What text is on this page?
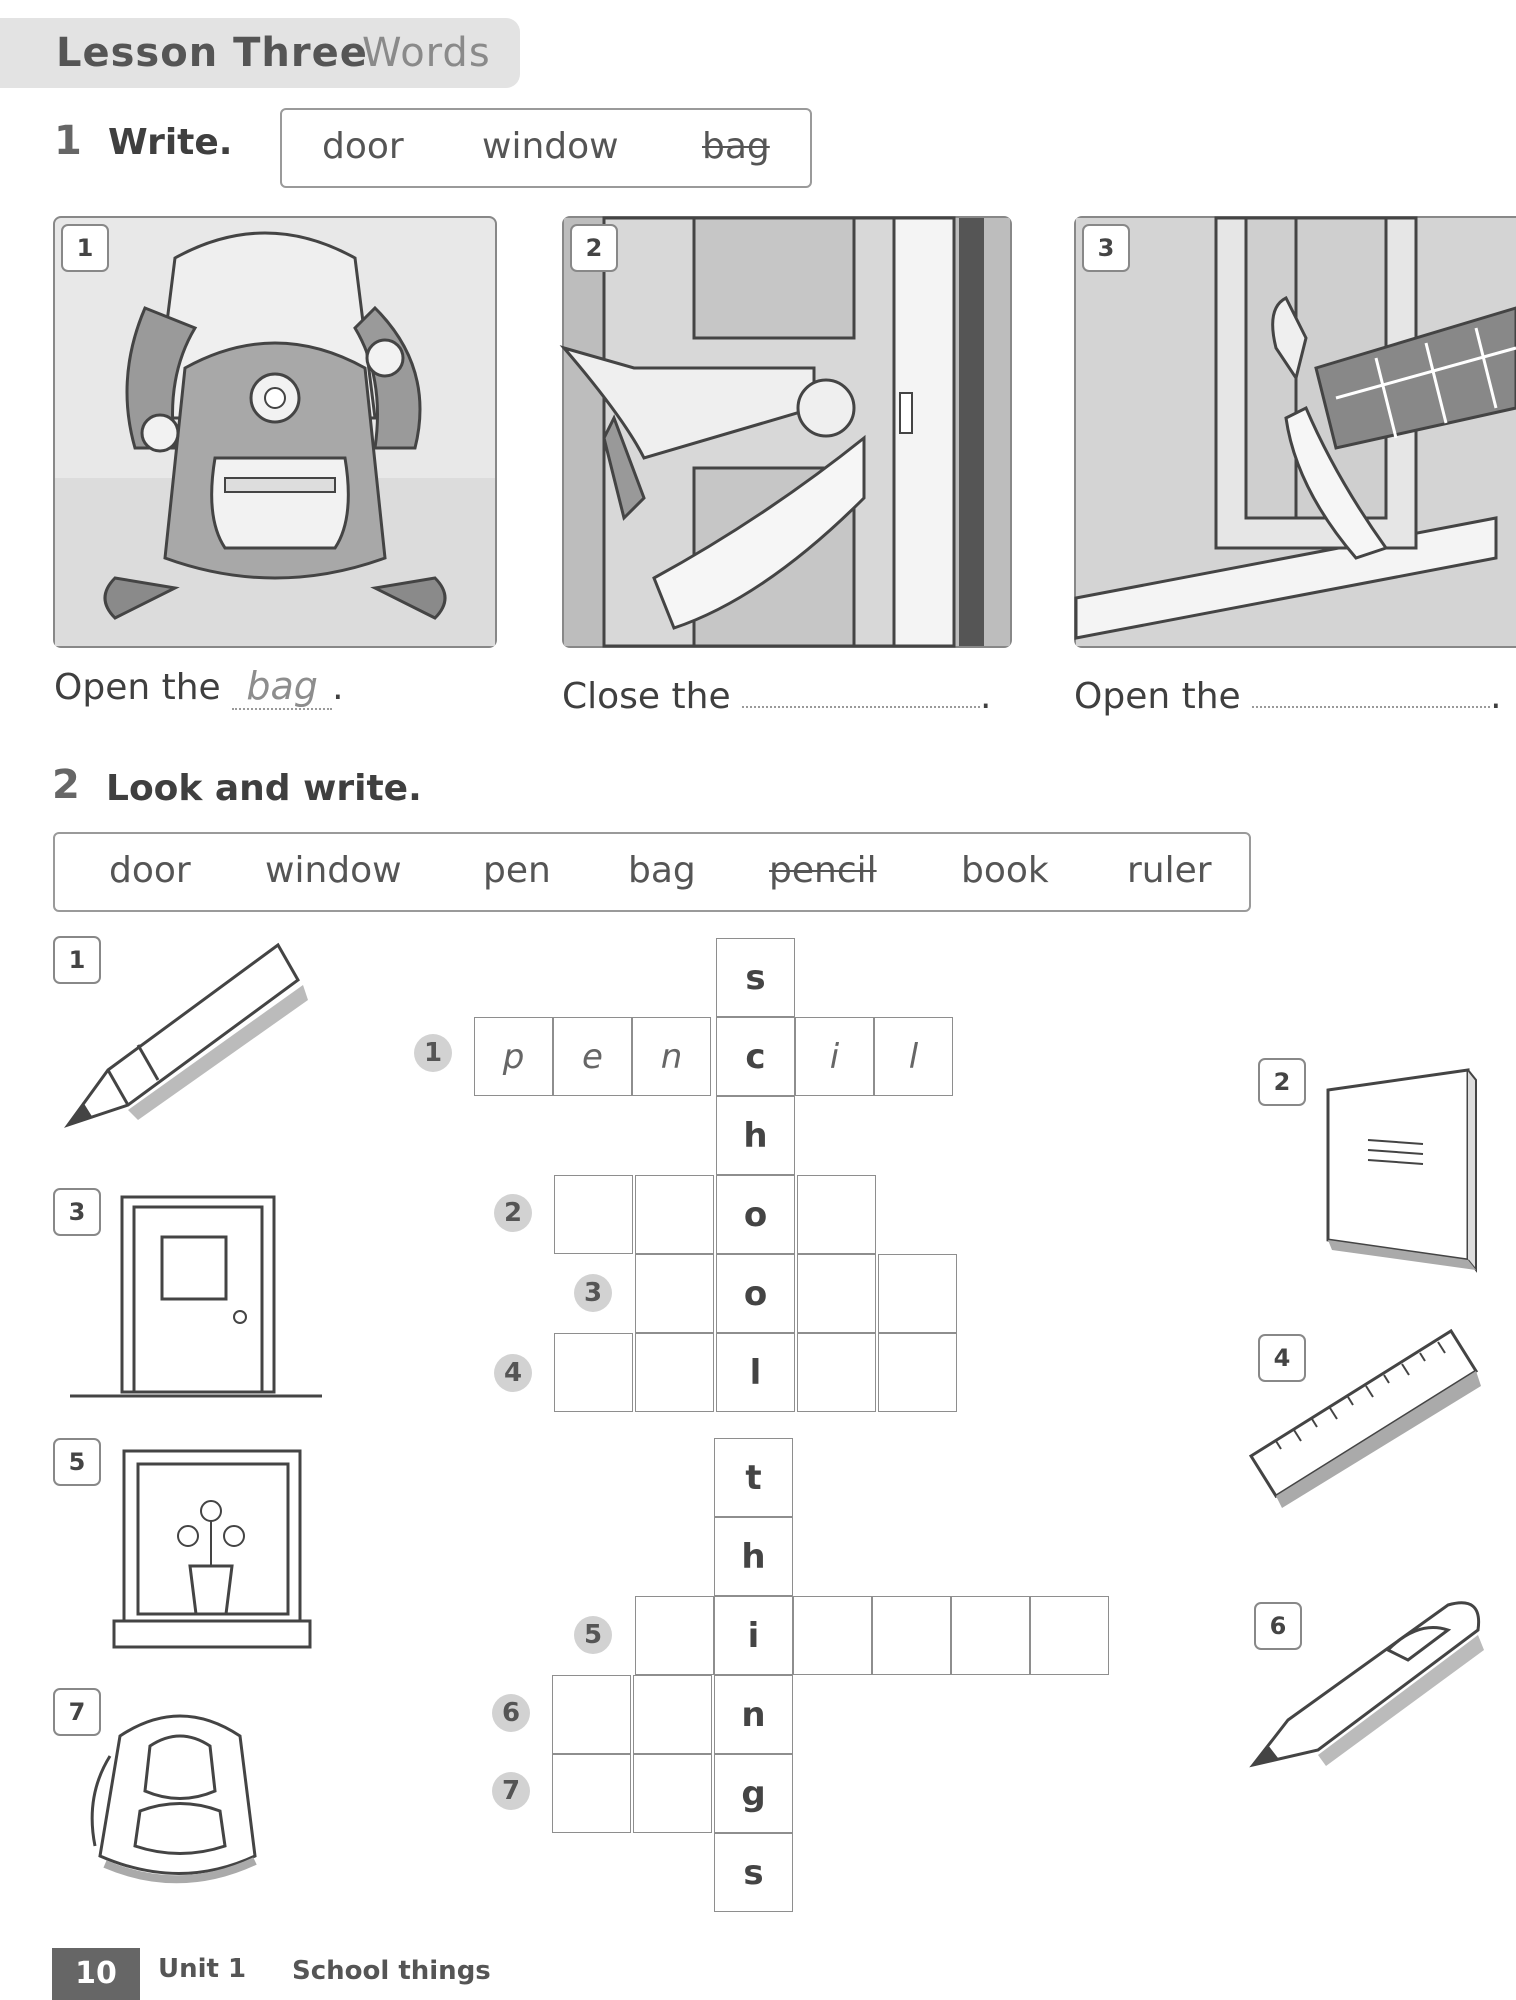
Lesson Three
Words
1 Write. door window bag
1	2	3
Open the bag .	Close the	. Open the	.
2 Look and write.
door window pen bag pencil book ruler
1
2
3
4
5
6
7
s
c
h
o
o
l
1	p	e	n	i	l
2
3
4
t
h
i
n
g
s
5
6
7
10	Unit 1 School things
